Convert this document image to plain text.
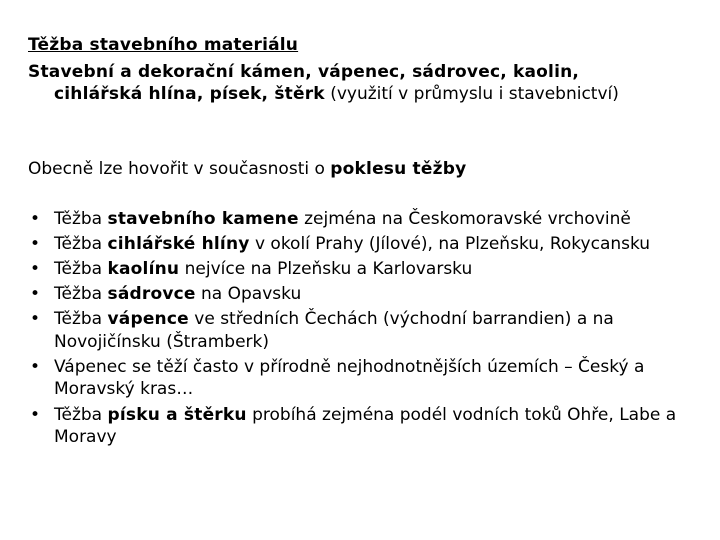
Těžba stavebního materiálu
Stavební a dekorační kámen, vápenec, sádrovec, kaolin,
cihlářská hlína, písek, štěrk (využití v průmyslu i stavebnictví)
Obecně lze hovořit v současnosti o poklesu těžby
• Těžba stavebního kamene zejména na Českomoravské vrchovině
• Těžba cihlářské hlíny v okolí Prahy (Jílové), na Plzeňsku, Rokycansku
• Těžba kaolínu nejvíce na Plzeňsku a Karlovarsku
• Těžba sádrovce na Opavsku
• Těžba vápence ve středních Čechách (východní barrandien) a na Novojičínsku (Štramberk)
• Vápenec se těží často v přírodně nejhodnotnějších územích – Český a Moravský kras…
• Těžba písku a štěrku probíhá zejména podél vodních toků Ohře, Labe a Moravy
